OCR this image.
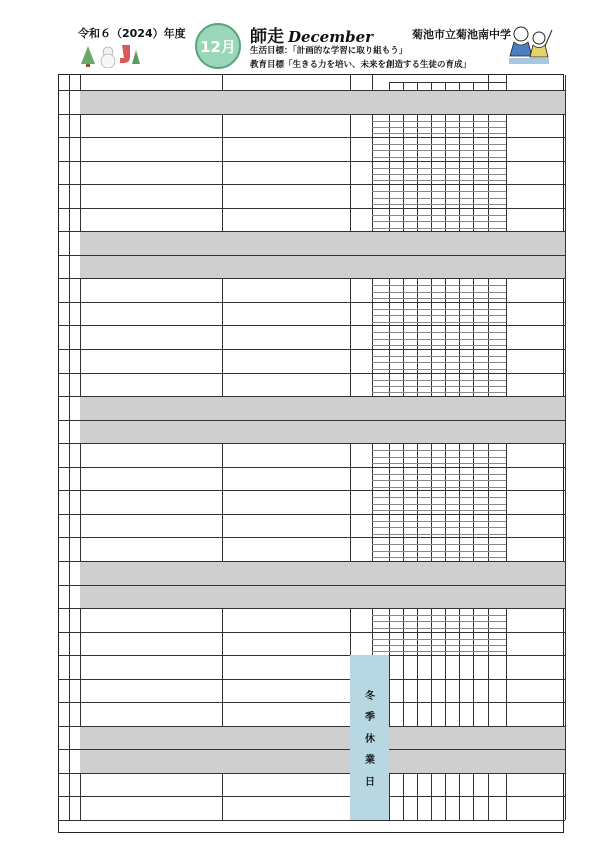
令和６（2024）年度
12月 師走 December	菊池市立菊池南中学
生活目標：「計画的な学習に取り組もう」
教育目標「生きる力を培い、未来を創造する生徒の育成」
冬
季
休
業
日
